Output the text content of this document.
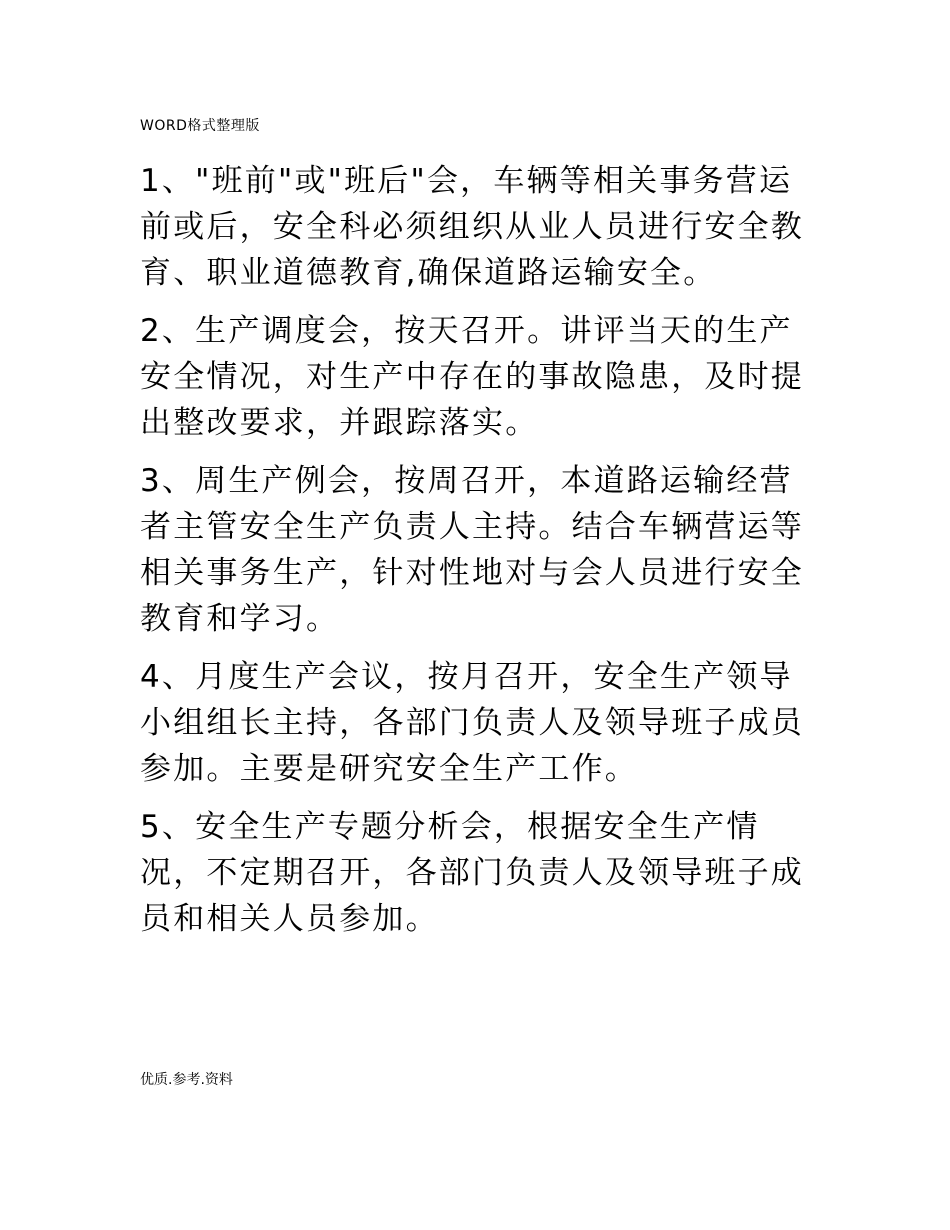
WORD格式整理版

1、"班前"或"班后"会，车辆等相关事务营运前或后，安全科必须组织从业人员进行安全教育、职业道德教育,确保道路运输安全。

2、生产调度会，按天召开。讲评当天的生产安全情况，对生产中存在的事故隐患，及时提出整改要求，并跟踪落实。

3、周生产例会，按周召开，本道路运输经营者主管安全生产负责人主持。结合车辆营运等相关事务生产，针对性地对与会人员进行安全教育和学习。

4、月度生产会议，按月召开，安全生产领导小组组长主持，各部门负责人及领导班子成员参加。主要是研究安全生产工作。

5、安全生产专题分析会，根据安全生产情况，不定期召开，各部门负责人及领导班子成员和相关人员参加。

优质.参考.资料
